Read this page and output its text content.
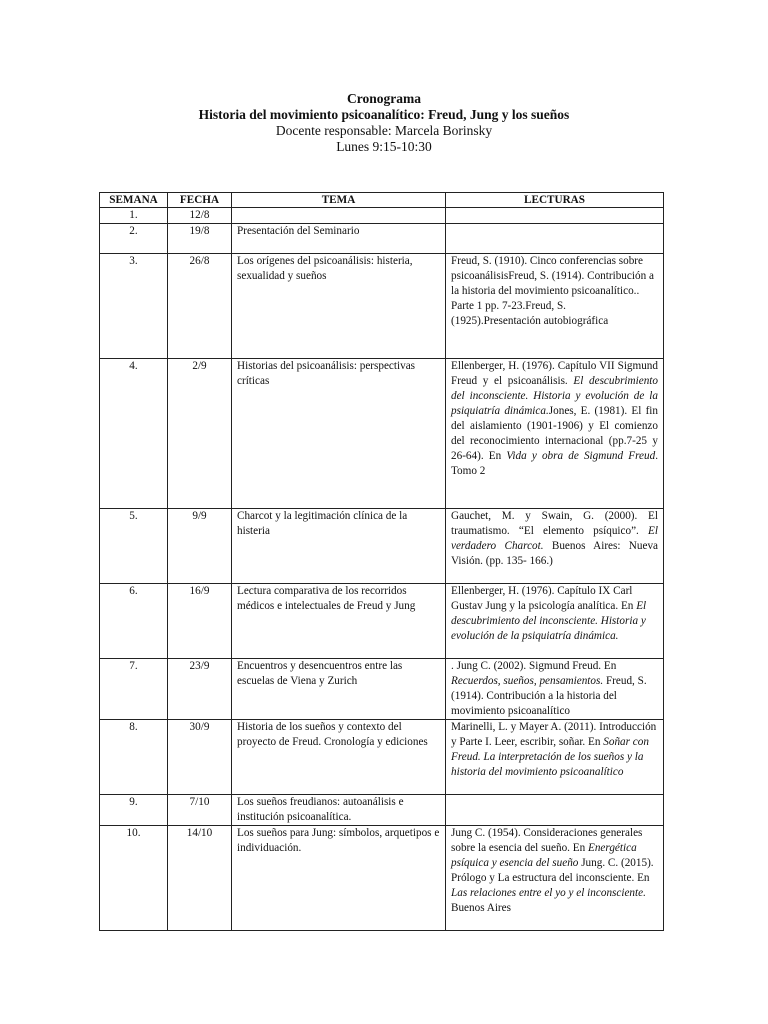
Cronograma
Historia del movimiento psicoanalítico: Freud, Jung y los sueños
Docente responsable: Marcela Borinsky
Lunes 9:15-10:30
SEMANA	FECHA	TEMA	LECTURAS
1.	12/8		
2.	19/8	Presentación del Seminario	
3.	26/8	Los orígenes del psicoanálisis: histeria, sexualidad y sueños	Freud, S. (1910). Cinco conferencias sobre psicoanálisisFreud, S. (1914). Contribución a la historia del movimiento psicoanalítico.. Parte 1 pp. 7-23.Freud, S. (1925).Presentación autobiográfica
4.	2/9	Historias del psicoanálisis: perspectivas críticas	Ellenberger, H. (1976). Capítulo VII Sigmund Freud y el psicoanálisis. El descubrimiento del inconsciente. Historia y evolución de la psiquiatría dinámica.Jones, E. (1981). El fin del aislamiento (1901-1906) y El comienzo del reconocimiento internacional (pp.7-25 y 26-64). En Vida y obra de Sigmund Freud. Tomo 2
5.	9/9	Charcot y la legitimación clínica de la histeria	Gauchet, M. y Swain, G. (2000). El traumatismo. “El elemento psíquico”. El verdadero Charcot. Buenos Aires: Nueva Visión. (pp. 135- 166.)
6.	16/9	Lectura comparativa de los recorridos médicos e intelectuales de Freud y Jung	Ellenberger, H. (1976). Capítulo IX Carl Gustav Jung y la psicología analítica. En El descubrimiento del inconsciente. Historia y evolución de la psiquiatría dinámica.
7.	23/9	Encuentros y desencuentros entre las escuelas de Viena y Zurich	. Jung C. (2002). Sigmund Freud. En Recuerdos, sueños, pensamientos. Freud, S. (1914). Contribución a la historia del movimiento psicoanalítico
8.	30/9	Historia de los sueños y contexto del proyecto de Freud. Cronología y ediciones	Marinelli, L. y Mayer A. (2011). Introducción y Parte I. Leer, escribir, soñar. En Soñar con Freud. La interpretación de los sueños y la historia del movimiento psicoanalítico
9.	7/10	Los sueños freudianos: autoanálisis e institución psicoanalítica.	
10.	14/10	Los sueños para Jung: símbolos, arquetipos e individuación.	Jung C. (1954). Consideraciones generales sobre la esencia del sueño. En Energética psíquica y esencia del sueño Jung. C. (2015). Prólogo y La estructura del inconsciente. En Las relaciones entre el yo y el inconsciente. Buenos Aires
